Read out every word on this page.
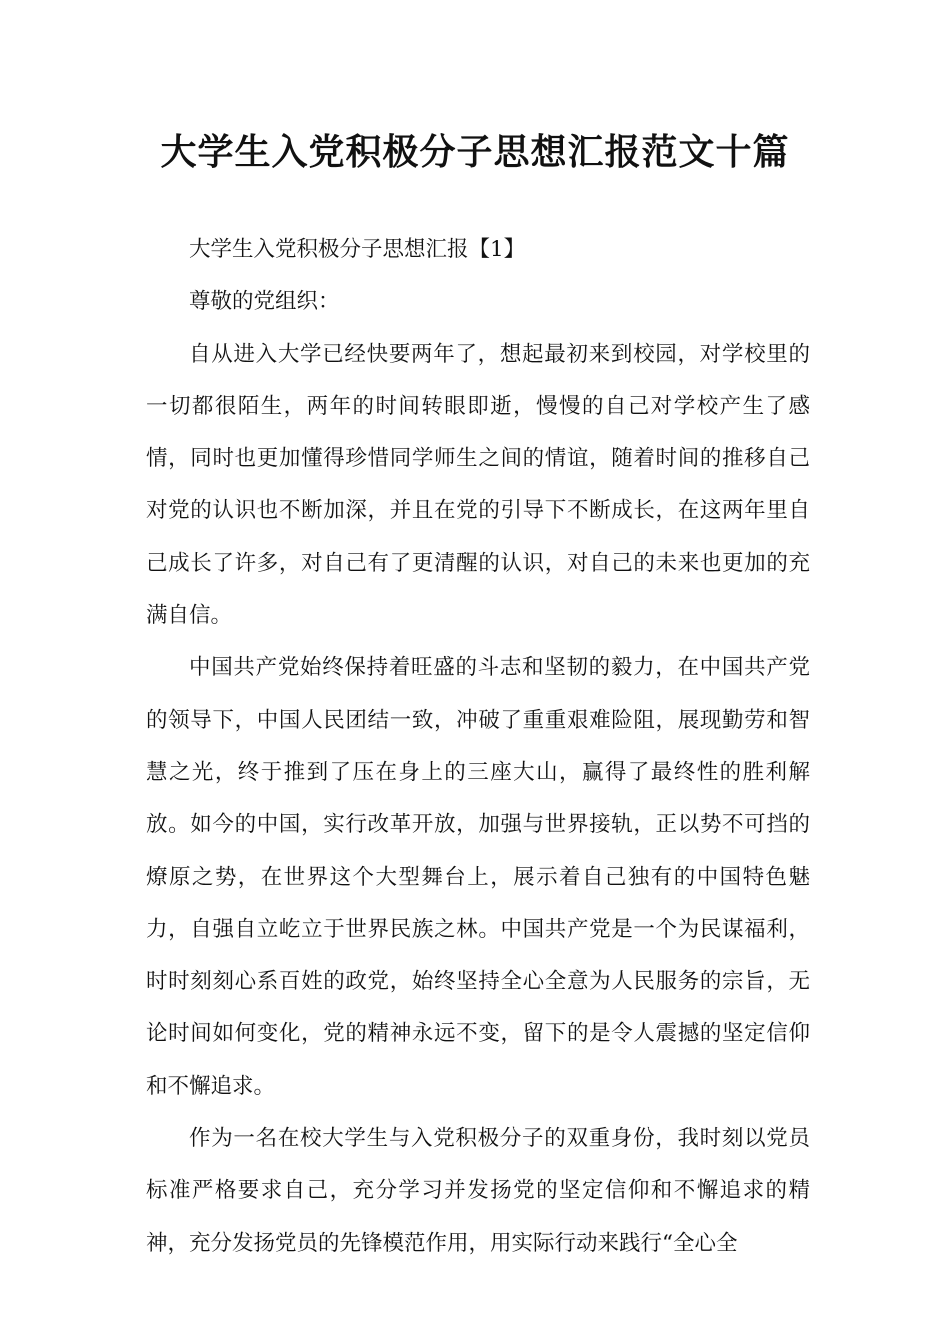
大学生入党积极分子思想汇报范文十篇

大学生入党积极分子思想汇报【1】

尊敬的党组织：

自从进入大学已经快要两年了，想起最初来到校园，对学校里的一切都很陌生，两年的时间转眼即逝，慢慢的自己对学校产生了感情，同时也更加懂得珍惜同学师生之间的情谊，随着时间的推移自己对党的认识也不断加深，并且在党的引导下不断成长，在这两年里自己成长了许多，对自己有了更清醒的认识，对自己的未来也更加的充满自信。

中国共产党始终保持着旺盛的斗志和坚韧的毅力，在中国共产党的领导下，中国人民团结一致，冲破了重重艰难险阻，展现勤劳和智慧之光，终于推到了压在身上的三座大山，赢得了最终性的胜利解放。如今的中国，实行改革开放，加强与世界接轨，正以势不可挡的燎原之势，在世界这个大型舞台上，展示着自己独有的中国特色魅力，自强自立屹立于世界民族之林。中国共产党是一个为民谋福利，时时刻刻心系百姓的政党，始终坚持全心全意为人民服务的宗旨，无论时间如何变化，党的精神永远不变，留下的是令人震撼的坚定信仰和不懈追求。

作为一名在校大学生与入党积极分子的双重身份，我时刻以党员标准严格要求自己，充分学习并发扬党的坚定信仰和不懈追求的精神，充分发扬党员的先锋模范作用，用实际行动来践行“全心全
